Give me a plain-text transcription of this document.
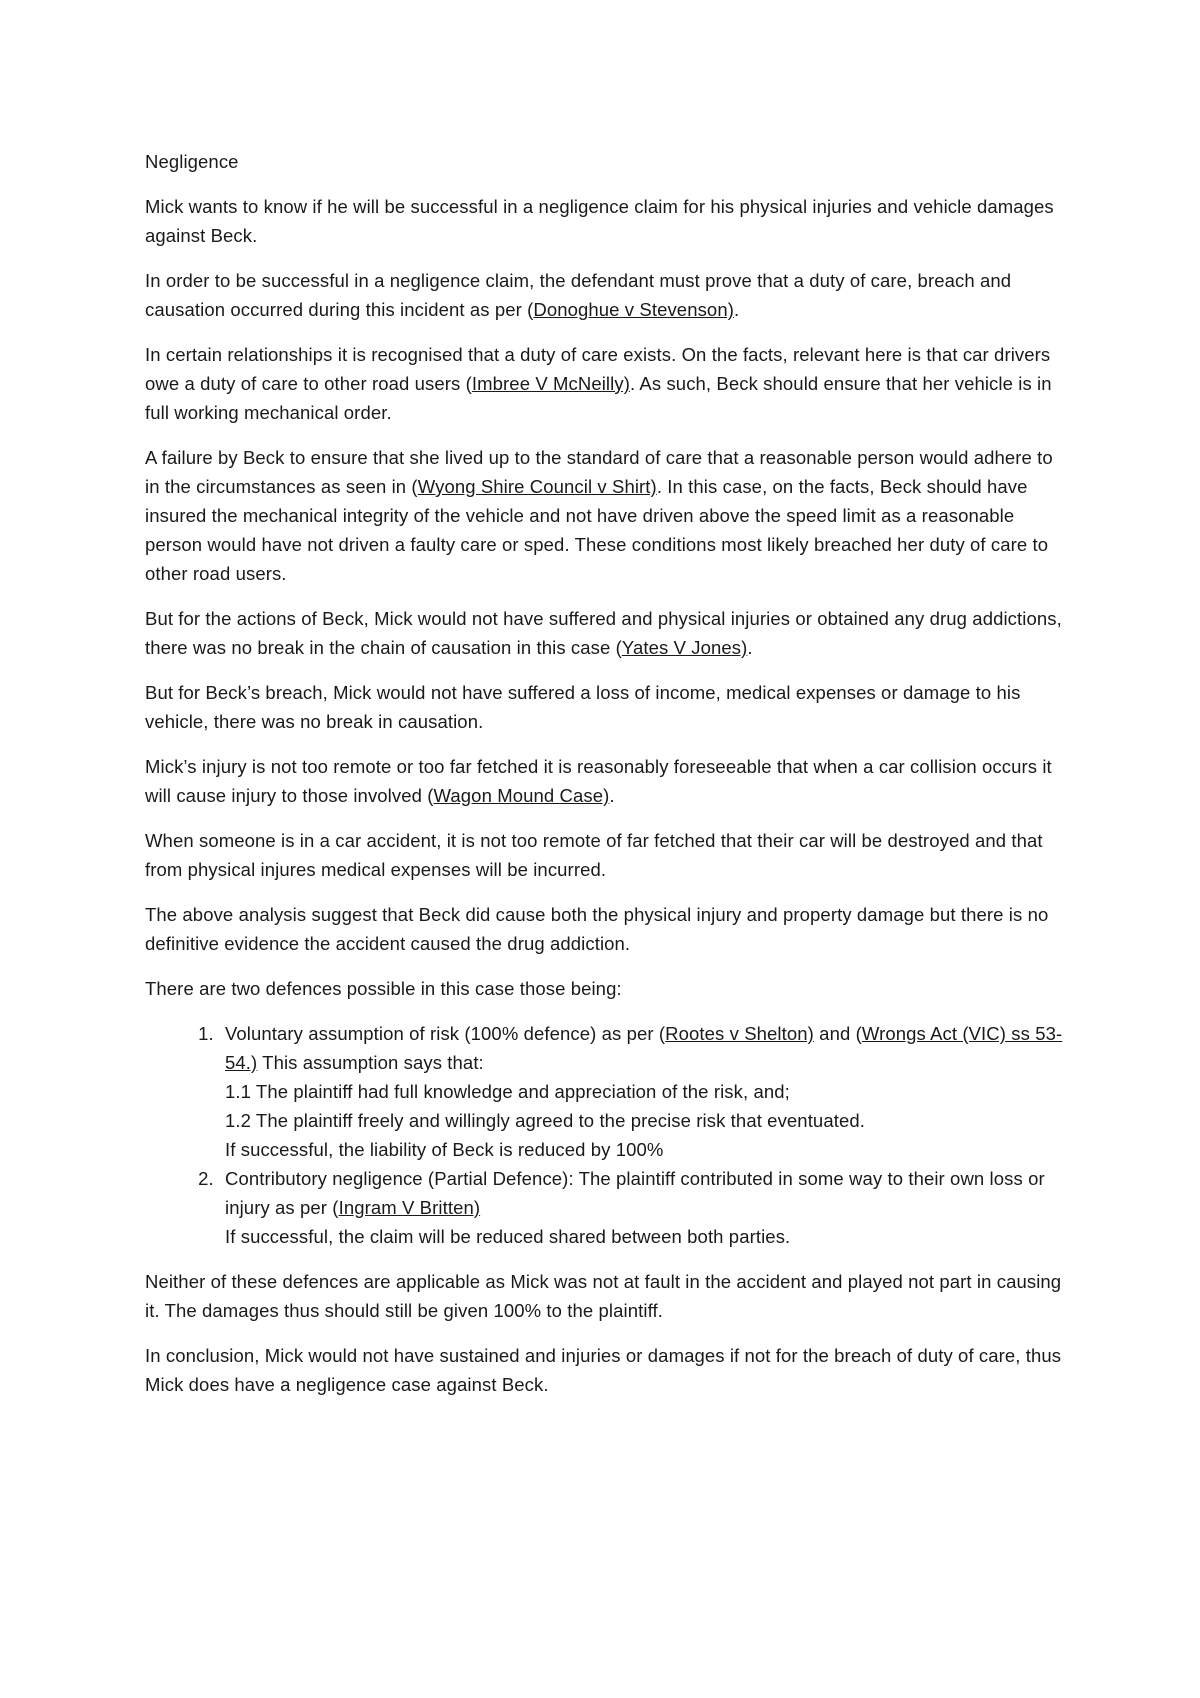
Negligence

Mick wants to know if he will be successful in a negligence claim for his physical injuries and vehicle damages against Beck.

In order to be successful in a negligence claim, the defendant must prove that a duty of care, breach and causation occurred during this incident as per (Donoghue v Stevenson).

In certain relationships it is recognised that a duty of care exists. On the facts, relevant here is that car drivers owe a duty of care to other road users (Imbree V McNeilly). As such, Beck should ensure that her vehicle is in full working mechanical order.

A failure by Beck to ensure that she lived up to the standard of care that a reasonable person would adhere to in the circumstances as seen in (Wyong Shire Council v Shirt). In this case, on the facts, Beck should have insured the mechanical integrity of the vehicle and not have driven above the speed limit as a reasonable person would have not driven a faulty care or sped. These conditions most likely breached her duty of care to other road users.

But for the actions of Beck, Mick would not have suffered and physical injuries or obtained any drug addictions, there was no break in the chain of causation in this case (Yates V Jones).

But for Beck’s breach, Mick would not have suffered a loss of income, medical expenses or damage to his vehicle, there was no break in causation.

Mick’s injury is not too remote or too far fetched it is reasonably foreseeable that when a car collision occurs it will cause injury to those involved (Wagon Mound Case).

When someone is in a car accident, it is not too remote of far fetched that their car will be destroyed and that from physical injures medical expenses will be incurred.

The above analysis suggest that Beck did cause both the physical injury and property damage but there is no definitive evidence the accident caused the drug addiction.

There are two defences possible in this case those being:

1. Voluntary assumption of risk (100% defence) as per (Rootes v Shelton) and (Wrongs Act (VIC) ss 53-54.) This assumption says that:
1.1 The plaintiff had full knowledge and appreciation of the risk, and;
1.2 The plaintiff freely and willingly agreed to the precise risk that eventuated.
If successful, the liability of Beck is reduced by 100%
2. Contributory negligence (Partial Defence): The plaintiff contributed in some way to their own loss or injury as per (Ingram V Britten)
If successful, the claim will be reduced shared between both parties.

Neither of these defences are applicable as Mick was not at fault in the accident and played not part in causing it. The damages thus should still be given 100% to the plaintiff.

In conclusion, Mick would not have sustained and injuries or damages if not for the breach of duty of care, thus Mick does have a negligence case against Beck.
